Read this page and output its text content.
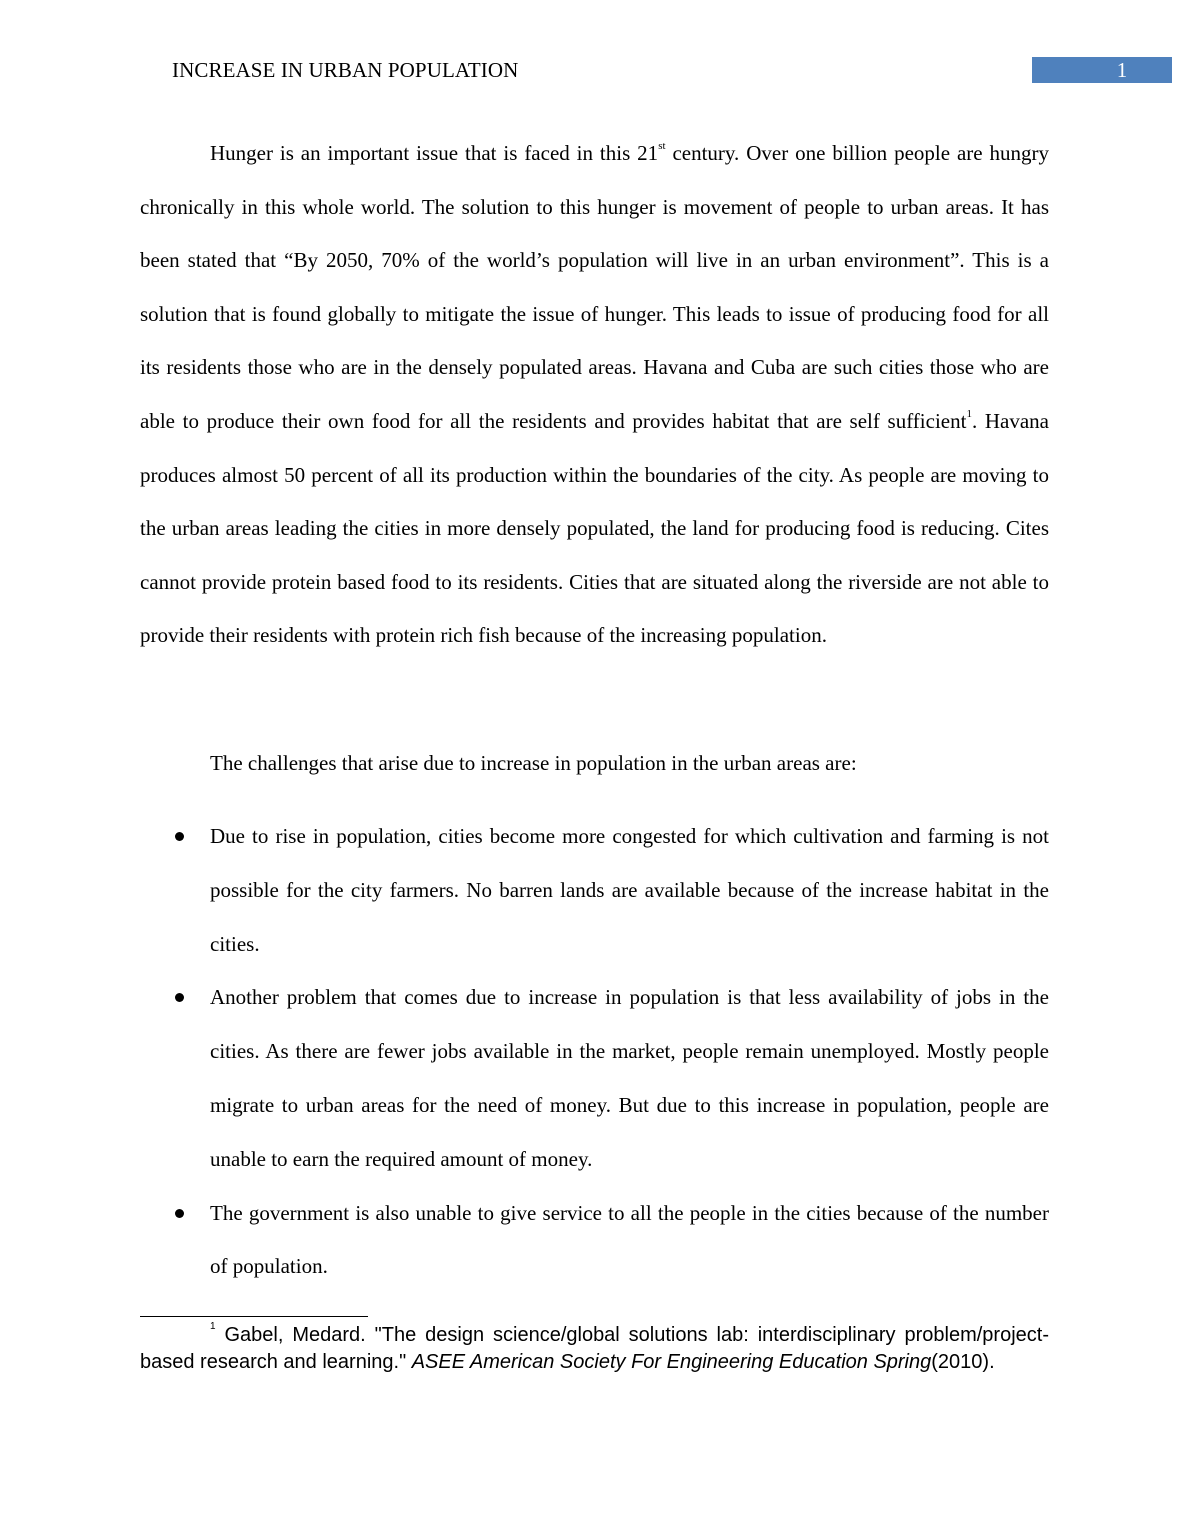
INCREASE IN URBAN POPULATION	1

Hunger is an important issue that is faced in this 21st century. Over one billion people are hungry chronically in this whole world. The solution to this hunger is movement of people to urban areas. It has been stated that “By 2050, 70% of the world’s population will live in an urban environment”. This is a solution that is found globally to mitigate the issue of hunger. This leads to issue of producing food for all its residents those who are in the densely populated areas. Havana and Cuba are such cities those who are able to produce their own food for all the residents and provides habitat that are self sufficient$^1$. Havana produces almost 50 percent of all its production within the boundaries of the city. As people are moving to the urban areas leading the cities in more densely populated, the land for producing food is reducing. Cites cannot provide protein based food to its residents. Cities that are situated along the riverside are not able to provide their residents with protein rich fish because of the increasing population.

The challenges that arise due to increase in population in the urban areas are:

Due to rise in population, cities become more congested for which cultivation and farming is not possible for the city farmers. No barren lands are available because of the increase habitat in the cities.
Another problem that comes due to increase in population is that less availability of jobs in the cities. As there are fewer jobs available in the market, people remain unemployed. Mostly people migrate to urban areas for the need of money. But due to this increase in population, people are unable to earn the required amount of money.
The government is also unable to give service to all the people in the cities because of the number of population.

$^1$ Gabel, Medard. "The design science/global solutions lab: interdisciplinary problem/project-based research and learning." ASEE American Society For Engineering Education Spring(2010).
